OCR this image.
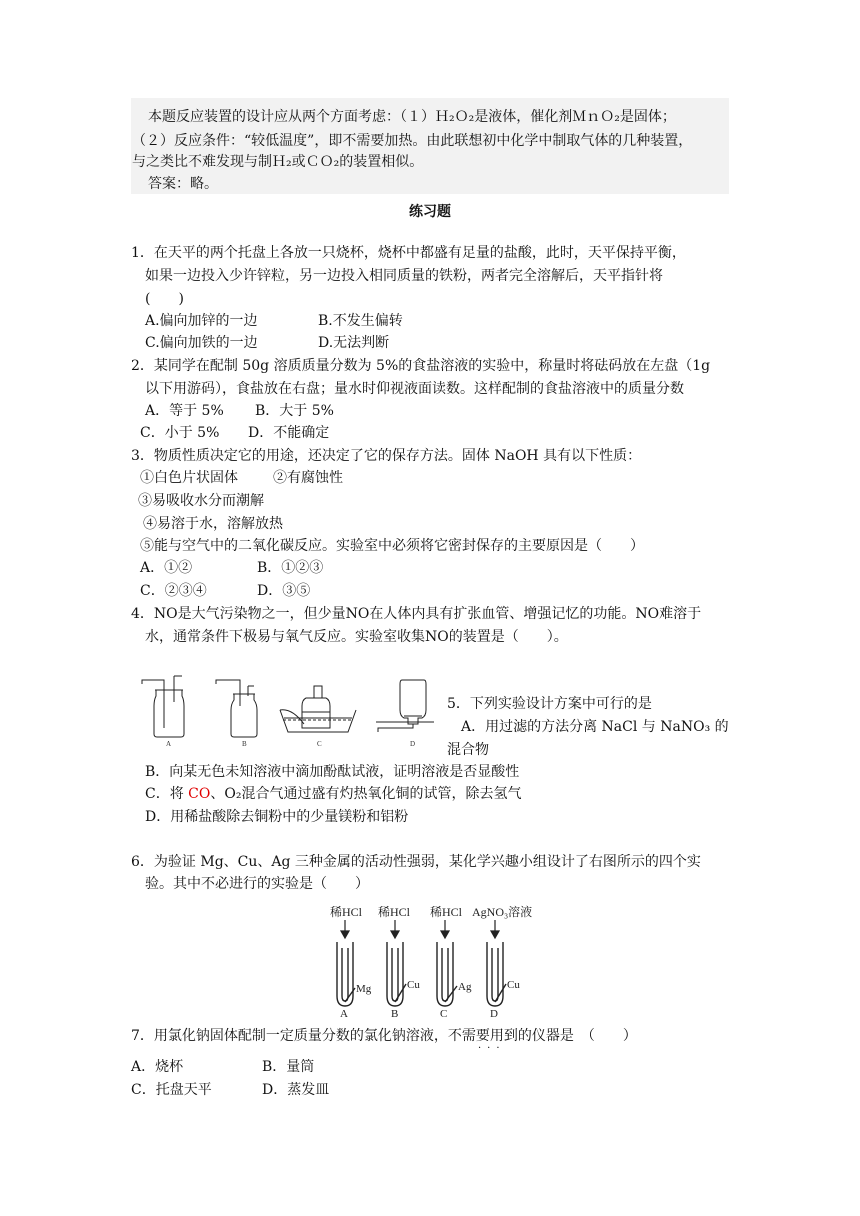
本题反应装置的设计应从两个方面考虑：（１）Ｈ₂Ｏ₂是液体，催化剂ＭｎＯ₂是固体；
（２）反应条件：“较低温度”，即不需要加热。由此联想初中化学中制取气体的几种装置，
与之类比不难发现与制Ｈ₂或ＣＯ₂的装置相似。
答案：略。
练习题
1．在天平的两个托盘上各放一只烧杯，烧杯中都盛有足量的盐酸，此时，天平保持平衡，
如果一边投入少许锌粒，另一边投入相同质量的铁粉，两者完全溶解后，天平指针将
(　　)
A.偏向加锌的一边	B.不发生偏转
C.偏向加铁的一边	D.无法判断
2．某同学在配制 50g 溶质质量分数为 5%的食盐溶液的实验中，称量时将砝码放在左盘（1g
以下用游码），食盐放在右盘；量水时仰视液面读数。这样配制的食盐溶液中的质量分数
A．等于 5% B．大于 5%
C．小于 5% D．不能确定
3．物质性质决定它的用途，还决定了它的保存方法。固体 NaOH 具有以下性质：
①白色片状固体	②有腐蚀性
③易吸收水分而潮解
④易溶于水，溶解放热
⑤能与空气中的二氧化碳反应。实验室中必须将它密封保存的主要原因是（　　）
A．①②	B．①②③
C．②③④	D．③⑤
4．NO是大气污染物之一，但少量NO在人体内具有扩张血管、增强记忆的功能。NO难溶于
水，通常条件下极易与氧气反应。实验室收集NO的装置是（　　）。
A	B	C	D
5．下列实验设计方案中可行的是
A．用过滤的方法分离 NaCl 与 NaNO₃ 的
混合物
B．向某无色未知溶液中滴加酚酞试液，证明溶液是否显酸性
C．将 CO、O₂混合气通过盛有灼热氧化铜的试管，除去氢气
D．用稀盐酸除去铜粉中的少量镁粉和铝粉
6．为验证 Mg、Cu、Ag 三种金属的活动性强弱，某化学兴趣小组设计了右图所示的四个实
验。其中不必进行的实验是（　　）
稀HCl 稀HCl 稀HCl AgNO₃溶液
Mg	Cu	Ag	Cu
A	B	C	D
7．用氯化钠固体配制一定质量分数的氯化钠溶液，不需要用到的仪器是　（　　）
···
A．烧杯	B．量筒
C．托盘天平	D．蒸发皿
